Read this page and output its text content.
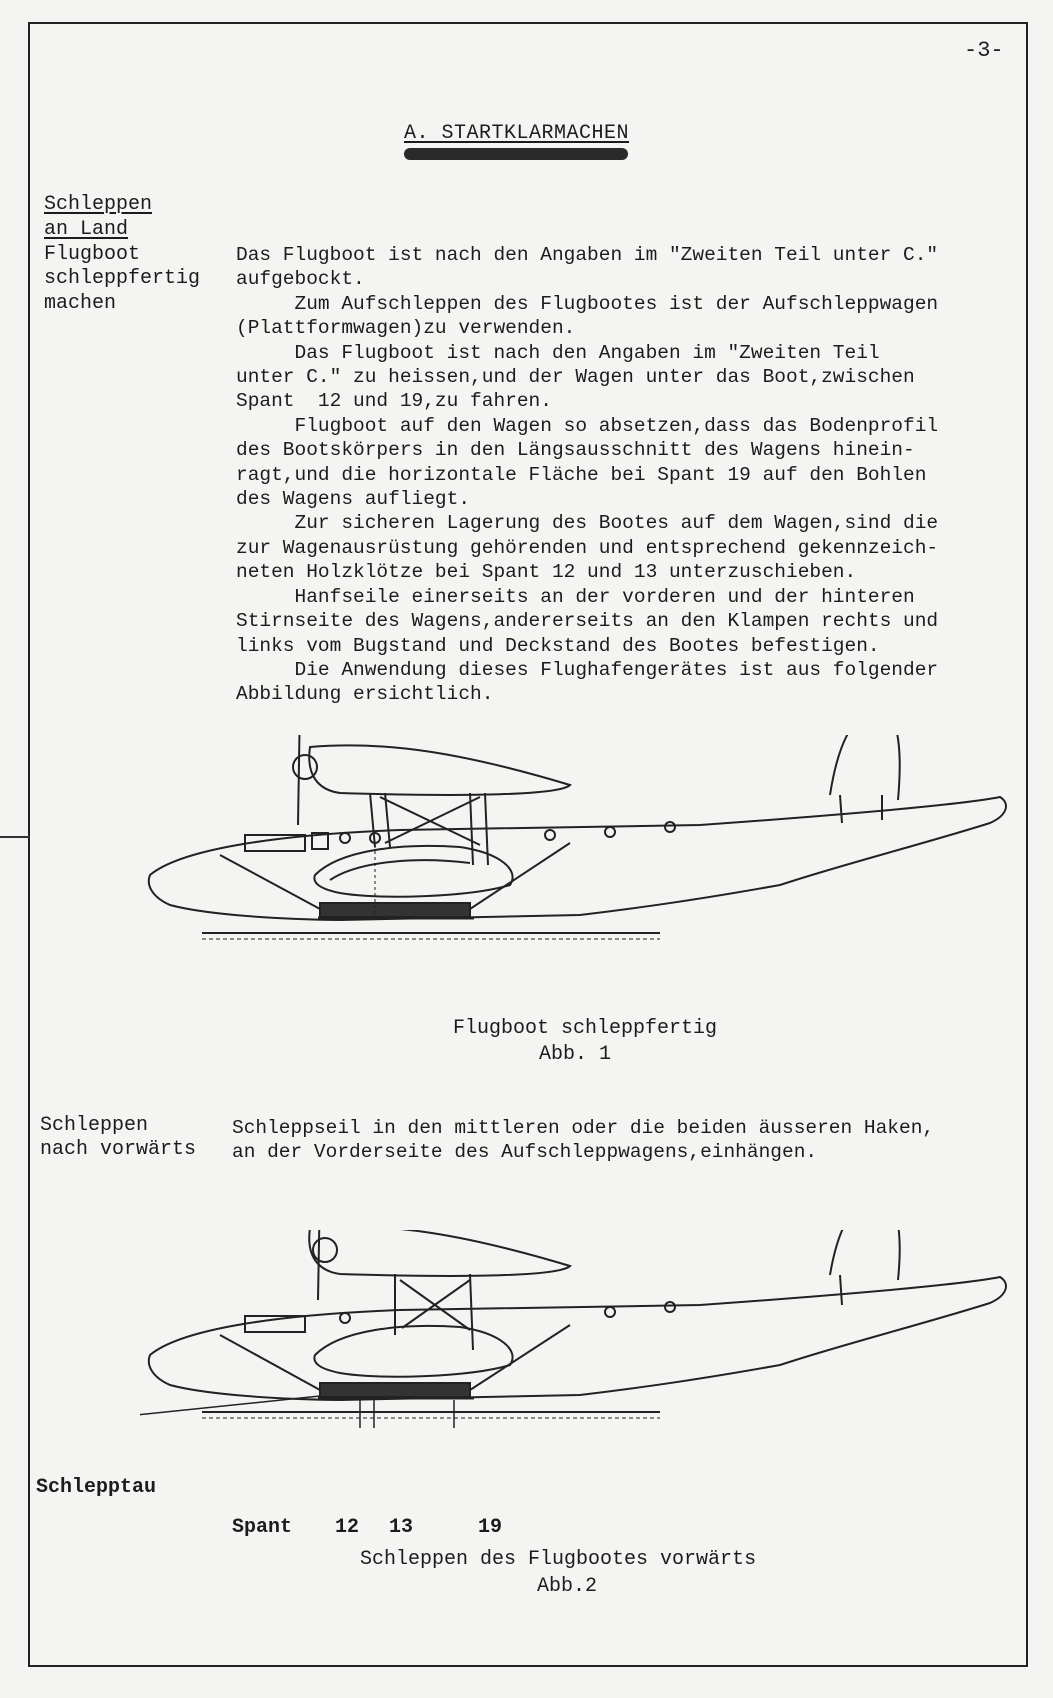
-3-
A. STARTKLARMACHEN
Schleppen
an Land
Flugboot
schleppfertig
machen

Das Flugboot ist nach den Angaben im "Zweiten Teil unter C."

aufgebockt.

Zum Aufschleppen des Flugbootes ist der Aufschleppwagen

(Plattformwagen)zu verwenden.

Das Flugboot ist nach den Angaben im "Zweiten Teil

unter C." zu heissen,und der Wagen unter das Boot,zwischen

Spant  12 und 19,zu fahren.

Flugboot auf den Wagen so absetzen,dass das Bodenprofil

des Bootskörpers in den Längsausschnitt des Wagens hinein-

ragt,und die horizontale Fläche bei Spant 19 auf den Bohlen

des Wagens aufliegt.

Zur sicheren Lagerung des Bootes auf dem Wagen,sind die

zur Wagenausrüstung gehörenden und entsprechend gekennzeich-

neten Holzklötze bei Spant 12 und 13 unterzuschieben.

Hanfseile einerseits an der vorderen und der hinteren

Stirnseite des Wagens,andererseits an den Klampen rechts und

links vom Bugstand und Deckstand des Bootes befestigen.

Die Anwendung dieses Flughafengerätes ist aus folgender

Abbildung ersichtlich.

Flugboot schleppfertig
Abb. 1
Schleppen
nach vorwärts
Schleppseil in den mittleren oder die beiden äusseren Haken,
an der Vorderseite des Aufschleppwagens,einhängen.
Schlepptau
Spant 12 13	19
Schleppen des Flugbootes vorwärts
Abb.2
